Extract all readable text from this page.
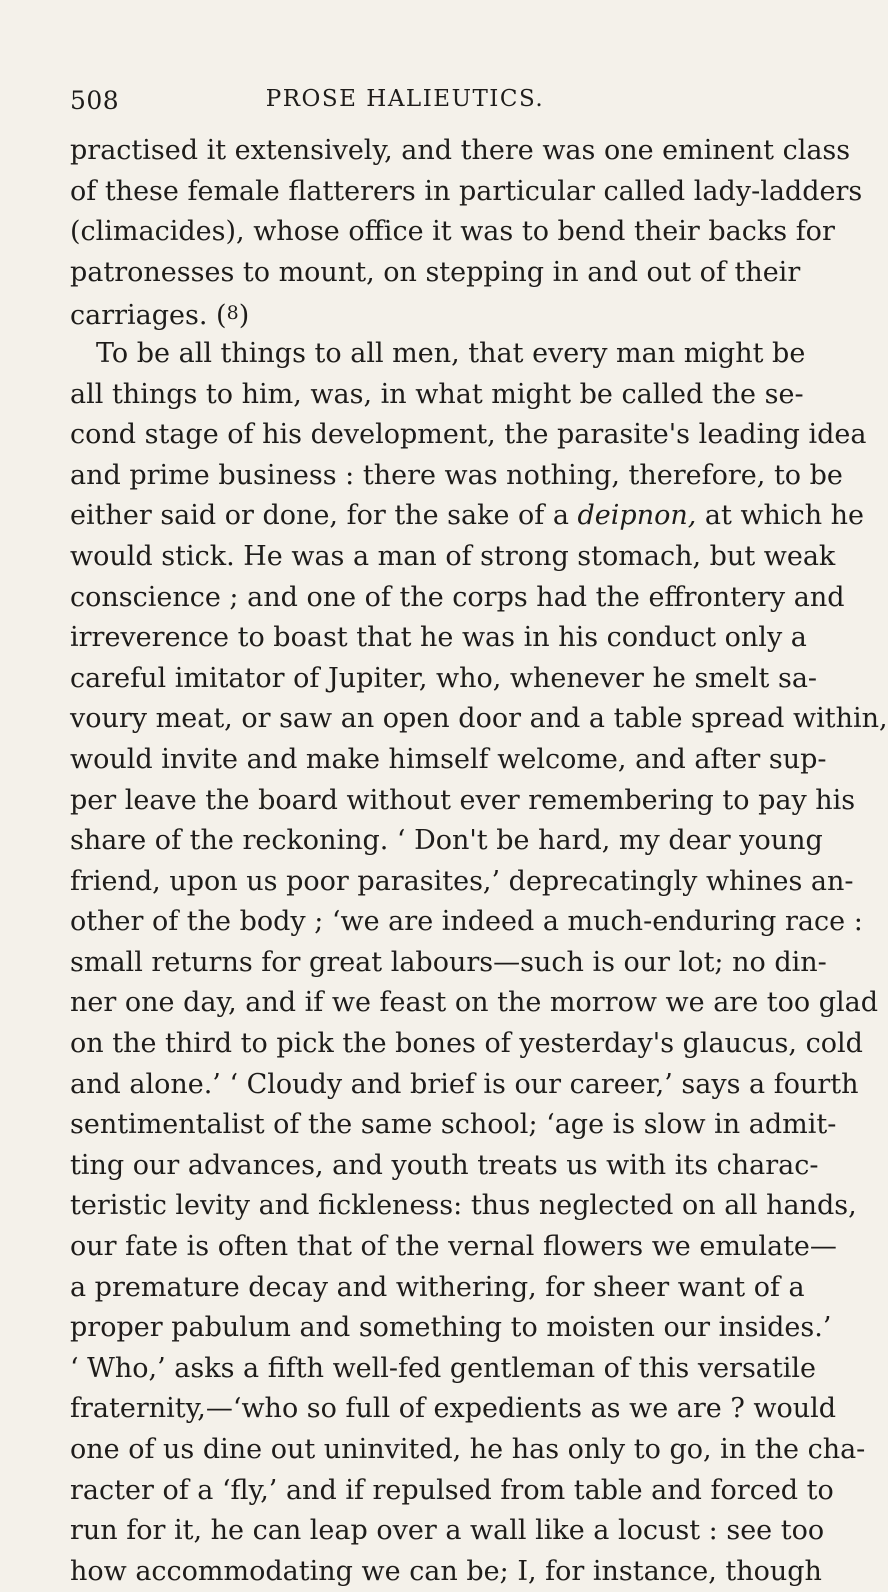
508	PROSE HALIEUTICS.
practised it extensively, and there was one eminent class
of these female flatterers in particular called lady-ladders
(climacides), whose office it was to bend their backs for
patronesses to mount, on stepping in and out of their
carriages. (8)
To be all things to all men, that every man might be
all things to him, was, in what might be called the se-
cond stage of his development, the parasite's leading idea
and prime business : there was nothing, therefore, to be
either said or done, for the sake of a deipnon, at which he
would stick. He was a man of strong stomach, but weak
conscience ; and one of the corps had the effrontery and
irreverence to boast that he was in his conduct only a
careful imitator of Jupiter, who, whenever he smelt sa-
voury meat, or saw an open door and a table spread within,
would invite and make himself welcome, and after sup-
per leave the board without ever remembering to pay his
share of the reckoning. ‘ Don't be hard, my dear young
friend, upon us poor parasites,’ deprecatingly whines an-
other of the body ; ‘we are indeed a much-enduring race :
small returns for great labours—such is our lot; no din-
ner one day, and if we feast on the morrow we are too glad
on the third to pick the bones of yesterday's glaucus, cold
and alone.’ ‘ Cloudy and brief is our career,’ says a fourth
sentimentalist of the same school; ‘age is slow in admit-
ting our advances, and youth treats us with its charac-
teristic levity and fickleness: thus neglected on all hands,
our fate is often that of the vernal flowers we emulate—
a premature decay and withering, for sheer want of a
proper pabulum and something to moisten our insides.’
‘ Who,’ asks a fifth well-fed gentleman of this versatile
fraternity,—‘who so full of expedients as we are ? would
one of us dine out uninvited, he has only to go, in the cha-
racter of a ‘fly,’ and if repulsed from table and forced to
run for it, he can leap over a wall like a locust : see too
how accommodating we can be; I, for instance, though
